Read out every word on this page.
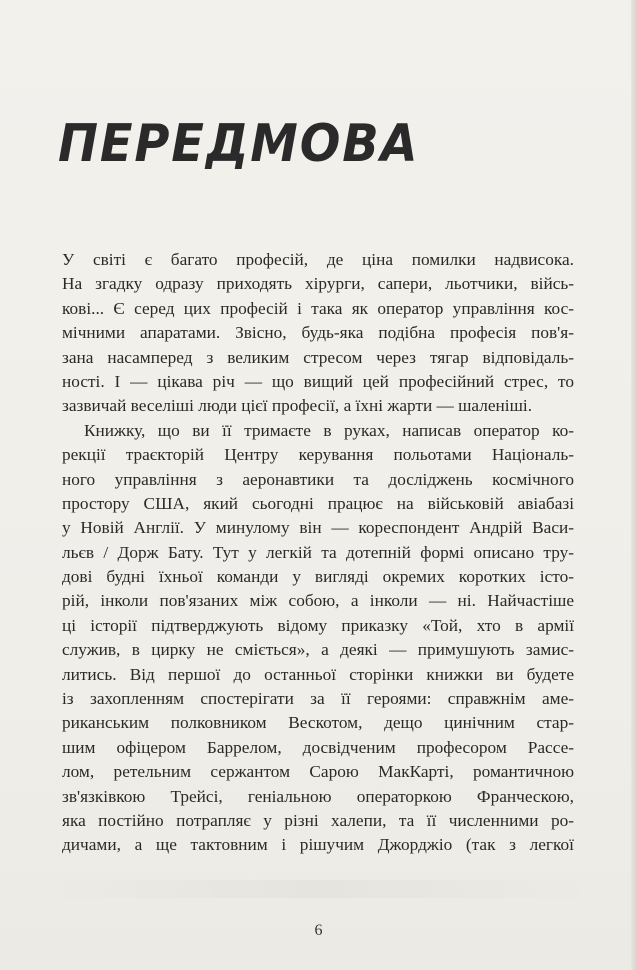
ПЕРЕДМОВА
У світі є багато професій, де ціна помилки надвисока.
На згадку одразу приходять хірурги, сапери, льотчики, війсь-
кові... Є серед цих професій і така як оператор управління кос-
мічними апаратами. Звісно, будь-яка подібна професія пов'я-
зана насамперед з великим стресом через тягар відповідаль-
ності. І — цікава річ — що вищий цей професійний стрес, то
зазвичай веселіші люди цієї професії, а їхні жарти — шаленіші.
Книжку, що ви її тримаєте в руках, написав оператор ко-
рекції траєкторій Центру керування польотами Національ-
ного управління з аеронавтики та досліджень космічного
простору США, який сьогодні працює на військовій авіабазі
у Новій Англії. У минулому він — кореспондент Андрій Васи-
льєв / Дорж Бату. Тут у легкій та дотепній формі описано тру-
дові будні їхньої команди у вигляді окремих коротких істо-
рій, інколи пов'язаних між собою, а інколи — ні. Найчастіше
ці історії підтверджують відому приказку «Той, хто в армії
служив, в цирку не сміється», а деякі — примушують замис-
литись. Від першої до останньої сторінки книжки ви будете
із захопленням спостерігати за її героями: справжнім аме-
риканським полковником Вескотом, дещо цинічним стар-
шим офіцером Баррелом, досвідченим професором Рассе-
лом, ретельним сержантом Сарою МакКарті, романтичною
зв'язківкою Трейсі, геніальною операторкою Франческою,
яка постійно потрапляє у різні халепи, та її численними ро-
дичами, а ще тактовним і рішучим Джорджіо (так з легкої
6
